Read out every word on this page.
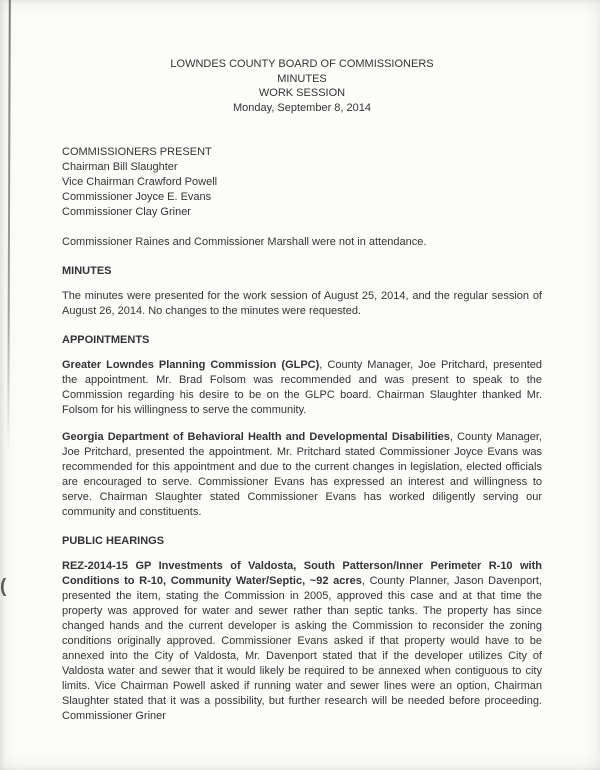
(
LOWNDES COUNTY BOARD OF COMMISSIONERS
MINUTES
WORK SESSION
Monday, September 8, 2014
COMMISSIONERS PRESENT
Chairman Bill Slaughter
Vice Chairman Crawford Powell
Commissioner Joyce E. Evans
Commissioner Clay Griner

Commissioner Raines and Commissioner Marshall were not in attendance.

MINUTES

The minutes were presented for the work session of August 25, 2014, and the regular session of August 26, 2014. No changes to the minutes were requested.

APPOINTMENTS

Greater Lowndes Planning Commission (GLPC), County Manager, Joe Pritchard, presented the appointment. Mr. Brad Folsom was recommended and was present to speak to the Commission regarding his desire to be on the GLPC board. Chairman Slaughter thanked Mr. Folsom for his willingness to serve the community.

Georgia Department of Behavioral Health and Developmental Disabilities, County Manager, Joe Pritchard, presented the appointment. Mr. Pritchard stated Commissioner Joyce Evans was recommended for this appointment and due to the current changes in legislation, elected officials are encouraged to serve. Commissioner Evans has expressed an interest and willingness to serve. Chairman Slaughter stated Commissioner Evans has worked diligently serving our community and constituents.

PUBLIC HEARINGS

REZ-2014-15 GP Investments of Valdosta, South Patterson/Inner Perimeter R-10 with Conditions to R-10, Community Water/Septic, ~92 acres, County Planner, Jason Davenport, presented the item, stating the Commission in 2005, approved this case and at that time the property was approved for water and sewer rather than septic tanks. The property has since changed hands and the current developer is asking the Commission to reconsider the zoning conditions originally approved. Commissioner Evans asked if that property would have to be annexed into the City of Valdosta, Mr. Davenport stated that if the developer utilizes City of Valdosta water and sewer that it would likely be required to be annexed when contiguous to city limits. Vice Chairman Powell asked if running water and sewer lines were an option, Chairman Slaughter stated that it was a possibility, but further research will be needed before proceeding. Commissioner Griner
